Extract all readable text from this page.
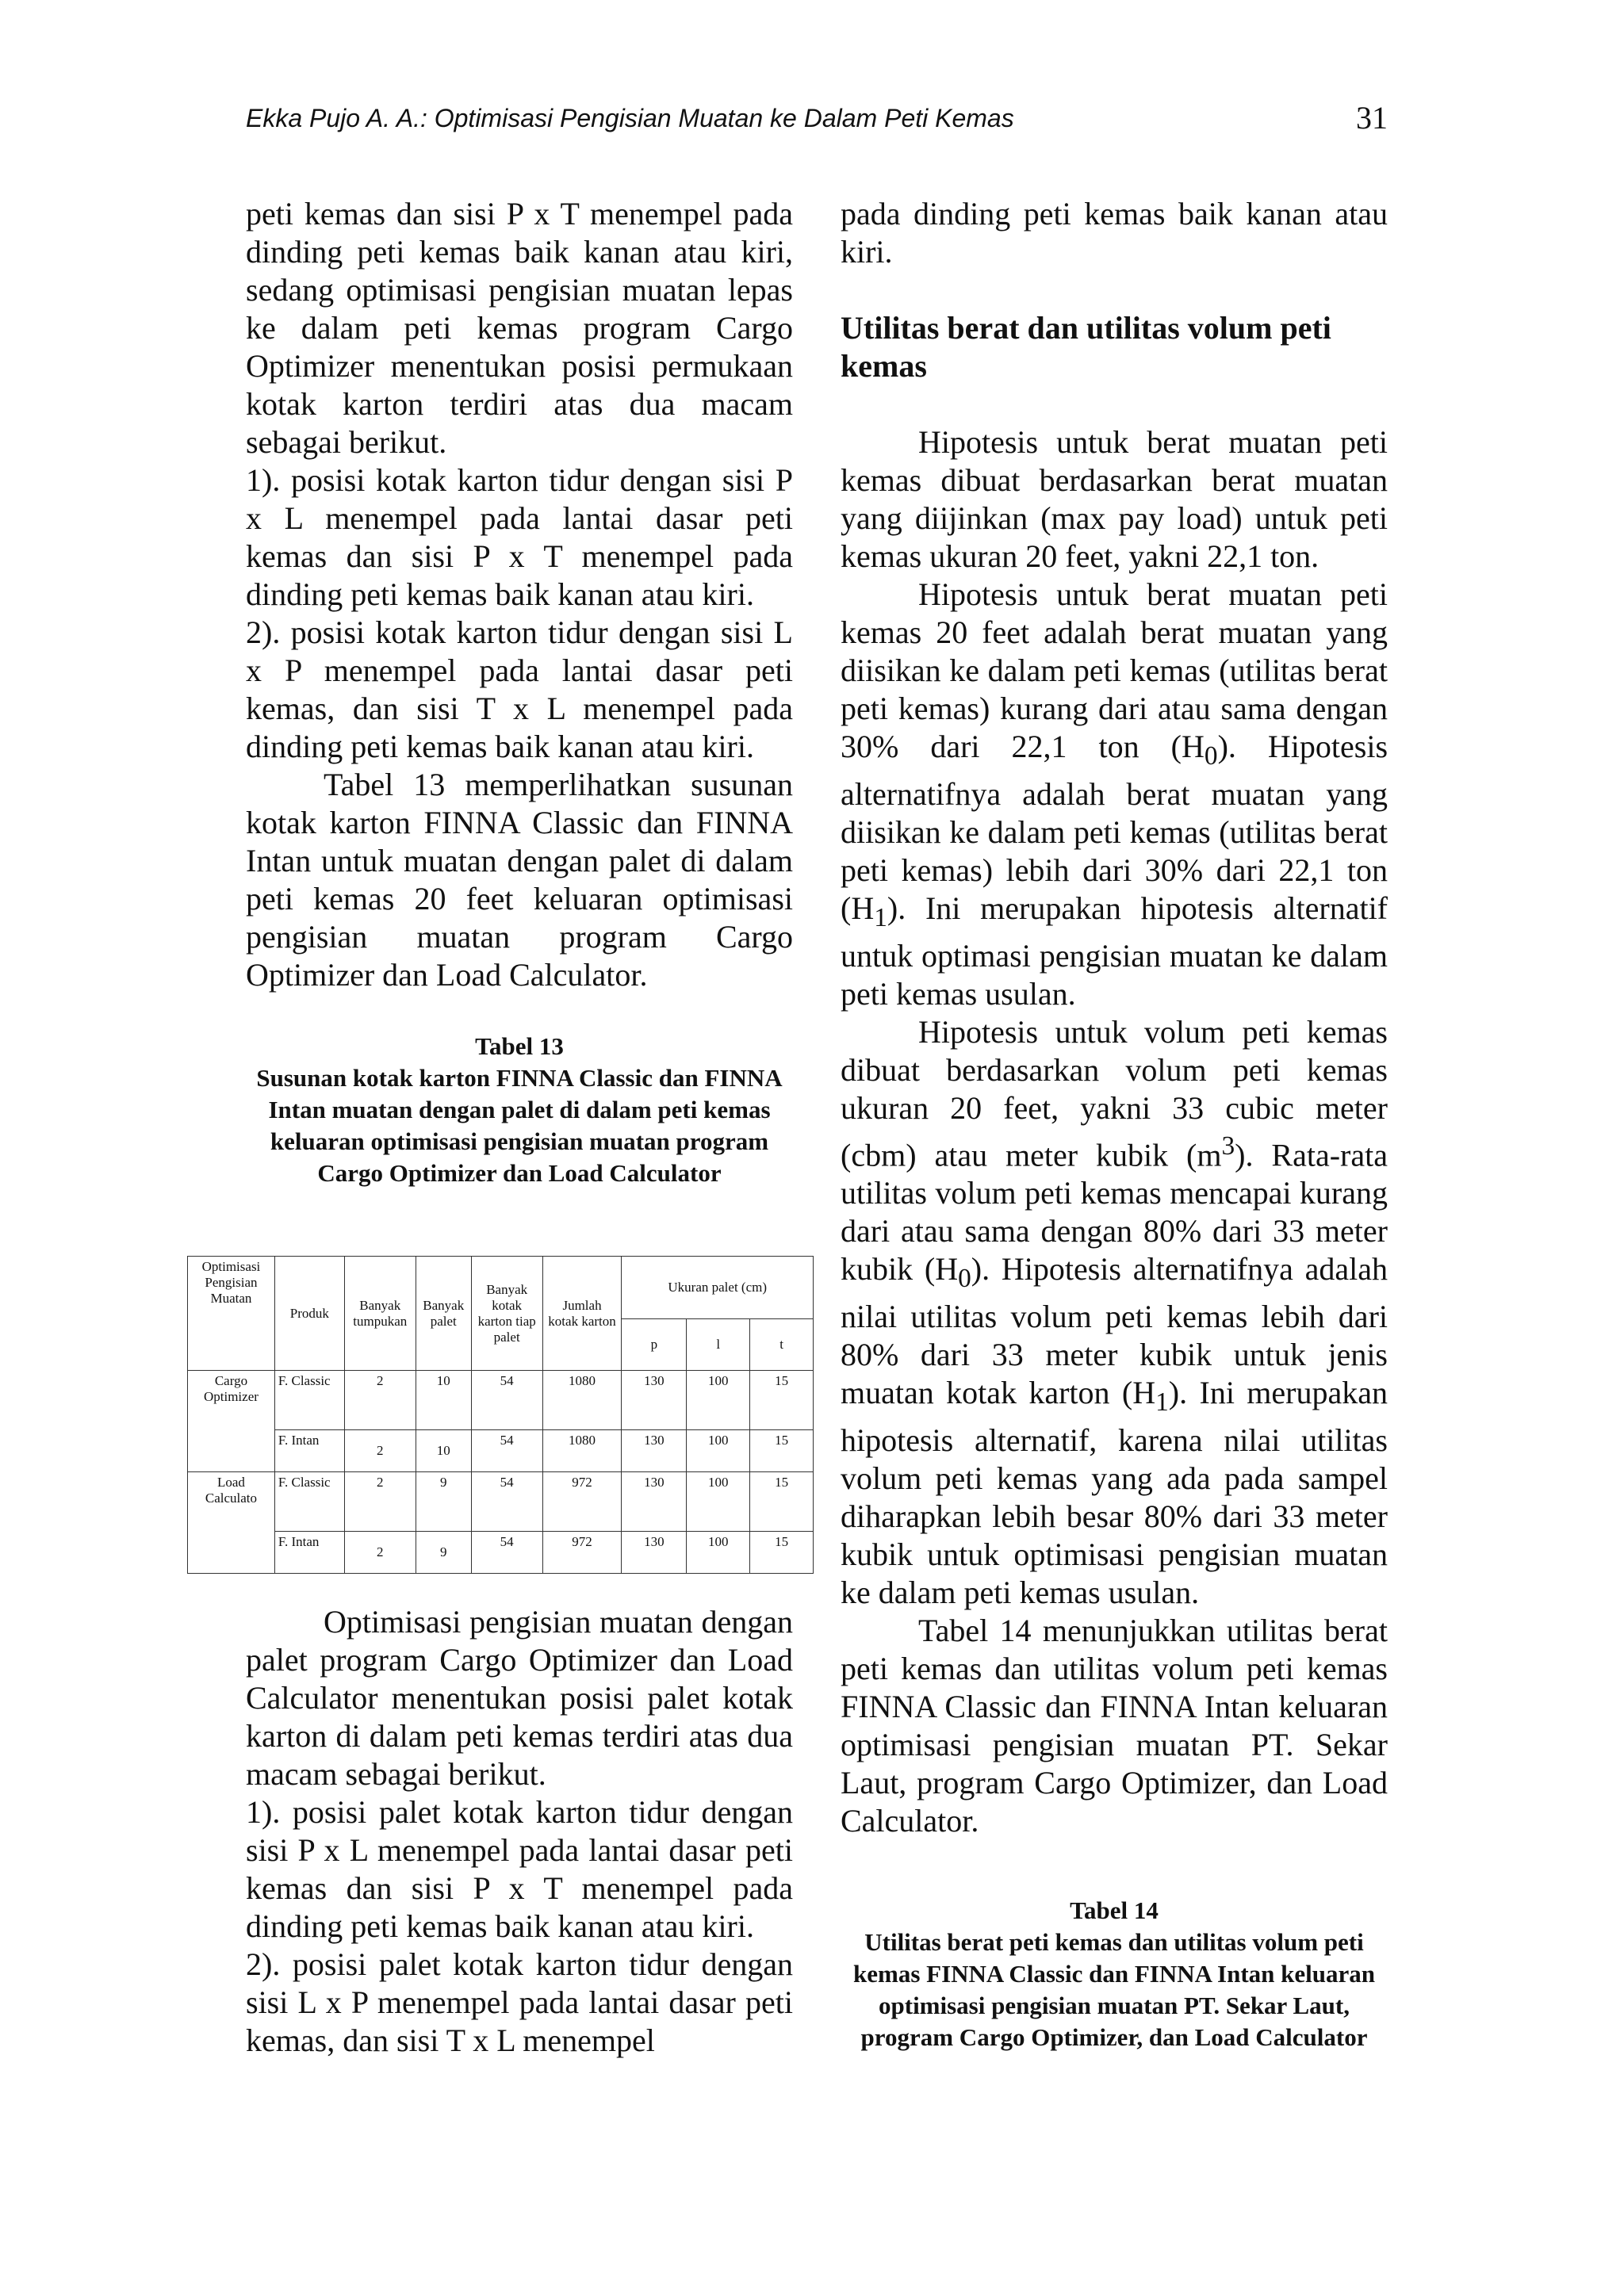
Ekka Pujo A. A.: Optimisasi Pengisian Muatan ke Dalam Peti Kemas	31

peti kemas dan sisi P x T menempel pada dinding peti kemas baik kanan atau kiri, sedang optimisasi pengisian muatan lepas ke dalam peti kemas program Cargo Optimizer menentukan posisi permukaan kotak karton terdiri atas dua macam sebagai berikut.

1). posisi kotak karton tidur dengan sisi P x L menempel pada lantai dasar peti kemas dan sisi P x T menempel pada dinding peti kemas baik kanan atau kiri.

2). posisi kotak karton tidur dengan sisi L x P menempel pada lantai dasar peti kemas, dan sisi T x L menempel pada dinding peti kemas baik kanan atau kiri.

Tabel 13 memperlihatkan susunan kotak karton FINNA Classic dan FINNA Intan untuk muatan dengan palet di dalam peti kemas 20 feet keluaran optimisasi pengisian muatan program Cargo Optimizer dan Load Calculator.

Tabel 13

Susunan kotak karton FINNA Classic dan FINNA Intan muatan dengan palet di dalam peti kemas keluaran optimisasi pengisian muatan program Cargo Optimizer dan Load Calculator

Optimisasi Pengisian Muatan	Produk	Banyak tumpukan	Banyak palet	Banyak kotak karton tiap palet	Jumlah kotak karton	Ukuran palet (cm)		
						p	l	t
Cargo Optimizer	F. Classic	2	10	54	1080	130	100	15
	F. Intan	2	10	54	1080	130	100	15
Load Calculato	F. Classic	2	9	54	972	130	100	15
	F. Intan	2	9	54	972	130	100	15

Optimisasi pengisian muatan dengan palet program Cargo Optimizer dan Load Calculator menentukan posisi palet kotak karton di dalam peti kemas terdiri atas dua macam sebagai berikut.

1). posisi palet kotak karton tidur dengan sisi P x L menempel pada lantai dasar peti kemas dan sisi P x T menempel pada dinding peti kemas baik kanan atau kiri.

2). posisi palet kotak karton tidur dengan sisi L x P menempel pada lantai dasar peti kemas, dan sisi T x L menempel

pada dinding peti kemas baik kanan atau kiri.

Utilitas berat dan utilitas volum peti kemas

Hipotesis untuk berat muatan peti kemas dibuat berdasarkan berat muatan yang diijinkan (max pay load) untuk peti kemas ukuran 20 feet, yakni 22,1 ton.

Hipotesis untuk berat muatan peti kemas 20 feet adalah berat muatan yang diisikan ke dalam peti kemas (utilitas berat peti kemas) kurang dari atau sama dengan 30% dari 22,1 ton $(H_0)$. Hipotesis alternatifnya adalah berat muatan yang diisikan ke dalam peti kemas (utilitas berat peti kemas) lebih dari 30% dari 22,1 ton $(H_1)$. Ini merupakan hipotesis alternatif untuk optimasi pengisian muatan ke dalam peti kemas usulan.

Hipotesis untuk volum peti kemas dibuat berdasarkan volum peti kemas ukuran 20 feet, yakni 33 cubic meter (cbm) atau meter kubik $(m^3)$. Rata-rata utilitas volum peti kemas mencapai kurang dari atau sama dengan 80% dari 33 meter kubik $(H_0)$. Hipotesis alternatifnya adalah nilai utilitas volum peti kemas lebih dari 80% dari 33 meter kubik untuk jenis muatan kotak karton $(H_1)$. Ini merupakan hipotesis alternatif, karena nilai utilitas volum peti kemas yang ada pada sampel diharapkan lebih besar 80% dari 33 meter kubik untuk optimisasi pengisian muatan ke dalam peti kemas usulan.

Tabel 14 menunjukkan utilitas berat peti kemas dan utilitas volum peti kemas FINNA Classic dan FINNA Intan keluaran optimisasi pengisian muatan PT. Sekar Laut, program Cargo Optimizer, dan Load Calculator.

Tabel 14

Utilitas berat peti kemas dan utilitas volum peti kemas FINNA Classic dan FINNA Intan keluaran optimisasi pengisian muatan PT. Sekar Laut, program Cargo Optimizer, dan Load Calculator
